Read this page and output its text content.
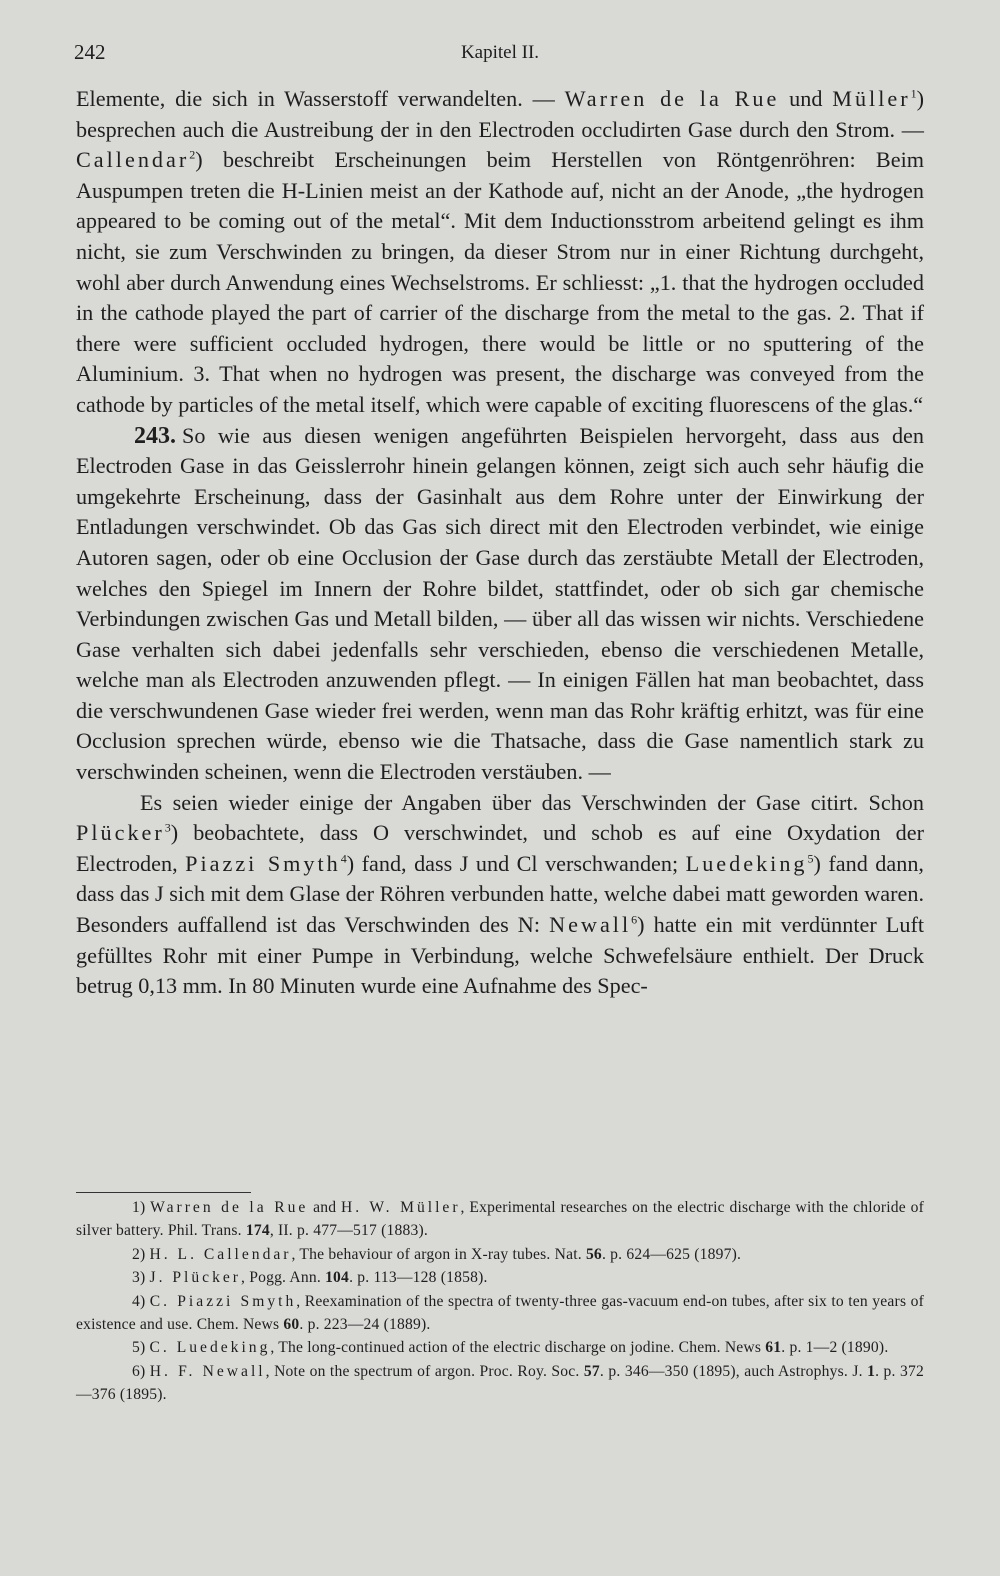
242	Kapitel II.

Elemente, die sich in Wasserstoff verwandelten. — Warren de la Rue und Müller$^1$) besprechen auch die Austreibung der in den Electroden occludirten Gase durch den Strom. — Callendar$^2$) beschreibt Erscheinungen beim Herstellen von Röntgenröhren: Beim Auspumpen treten die H-Linien meist an der Kathode auf, nicht an der Anode, „the hydrogen appeared to be coming out of the metal“. Mit dem Inductionsstrom arbeitend gelingt es ihm nicht, sie zum Verschwinden zu bringen, da dieser Strom nur in einer Richtung durchgeht, wohl aber durch Anwendung eines Wechselstroms. Er schliesst: „1. that the hydrogen occluded in the cathode played the part of carrier of the discharge from the metal to the gas. 2. That if there were sufficient occluded hydrogen, there would be little or no sputtering of the Aluminium. 3. That when no hydrogen was present, the discharge was conveyed from the cathode by particles of the metal itself, which were capable of exciting fluorescens of the glas.“

243. So wie aus diesen wenigen angeführten Beispielen hervorgeht, dass aus den Electroden Gase in das Geisslerrohr hinein gelangen können, zeigt sich auch sehr häufig die umgekehrte Erscheinung, dass der Gasinhalt aus dem Rohre unter der Einwirkung der Entladungen verschwindet. Ob das Gas sich direct mit den Electroden verbindet, wie einige Autoren sagen, oder ob eine Occlusion der Gase durch das zerstäubte Metall der Electroden, welches den Spiegel im Innern der Rohre bildet, stattfindet, oder ob sich gar chemische Verbindungen zwischen Gas und Metall bilden, — über all das wissen wir nichts. Verschiedene Gase verhalten sich dabei jedenfalls sehr verschieden, ebenso die verschiedenen Metalle, welche man als Electroden anzuwenden pflegt. — In einigen Fällen hat man beobachtet, dass die verschwundenen Gase wieder frei werden, wenn man das Rohr kräftig erhitzt, was für eine Occlusion sprechen würde, ebenso wie die Thatsache, dass die Gase namentlich stark zu verschwinden scheinen, wenn die Electroden verstäuben. —

Es seien wieder einige der Angaben über das Verschwinden der Gase citirt. Schon Plücker$^3$) beobachtete, dass O verschwindet, und schob es auf eine Oxydation der Electroden, Piazzi Smyth$^4$) fand, dass J und Cl verschwanden; Luedeking$^5$) fand dann, dass das J sich mit dem Glase der Röhren verbunden hatte, welche dabei matt geworden waren. Besonders auffallend ist das Verschwinden des N: Newall$^6$) hatte ein mit verdünnter Luft gefülltes Rohr mit einer Pumpe in Verbindung, welche Schwefelsäure enthielt. Der Druck betrug 0,13 mm. In 80 Minuten wurde eine Aufnahme des Spec-

1) Warren de la Rue and H. W. Müller, Experimental researches on the electric discharge with the chloride of silver battery. Phil. Trans. 174, II. p. 477—517 (1883).

2) H. L. Callendar, The behaviour of argon in X-ray tubes. Nat. 56. p. 624—625 (1897).

3) J. Plücker, Pogg. Ann. 104. p. 113—128 (1858).

4) C. Piazzi Smyth, Reexamination of the spectra of twenty-three gas-vacuum end-on tubes, after six to ten years of existence and use. Chem. News 60. p. 223—24 (1889).

5) C. Luedeking, The long-continued action of the electric discharge on jodine. Chem. News 61. p. 1—2 (1890).

6) H. F. Newall, Note on the spectrum of argon. Proc. Roy. Soc. 57. p. 346—350 (1895), auch Astrophys. J. 1. p. 372—376 (1895).
